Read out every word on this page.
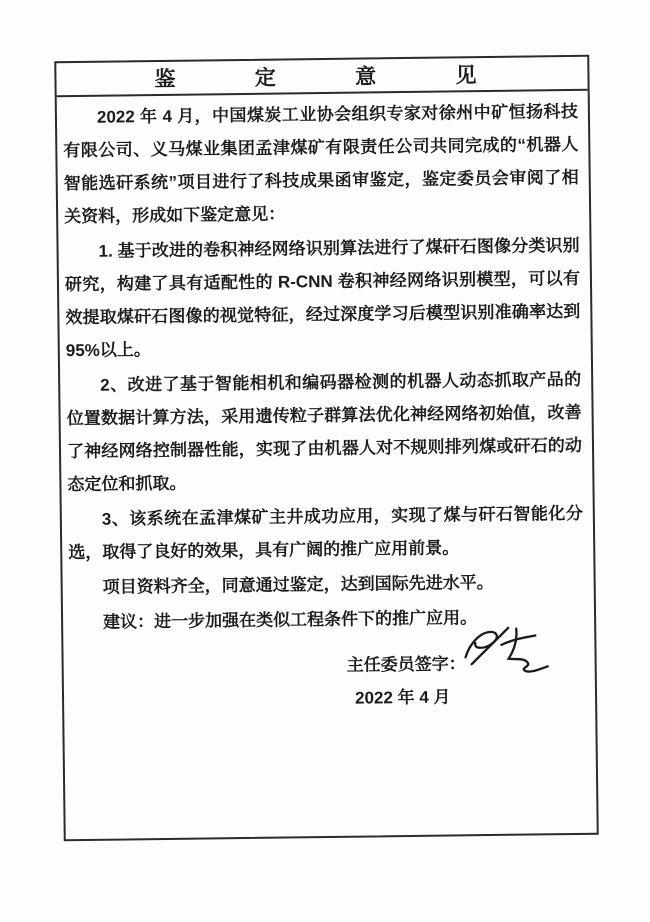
鉴	定	意	见

2022 年 4 月，中国煤炭工业协会组织专家对徐州中矿恒扬科技有限公司、义马煤业集团孟津煤矿有限责任公司共同完成的“机器人智能选矸系统”项目进行了科技成果函审鉴定，鉴定委员会审阅了相关资料，形成如下鉴定意见：

1. 基于改进的卷积神经网络识别算法进行了煤矸石图像分类识别研究，构建了具有适配性的 R-CNN 卷积神经网络识别模型，可以有效提取煤矸石图像的视觉特征，经过深度学习后模型识别准确率达到 95%以上。

2、改进了基于智能相机和编码器检测的机器人动态抓取产品的位置数据计算方法，采用遗传粒子群算法优化神经网络初始值，改善了神经网络控制器性能，实现了由机器人对不规则排列煤或矸石的动态定位和抓取。

3、该系统在孟津煤矿主井成功应用，实现了煤与矸石智能化分选，取得了良好的效果，具有广阔的推广应用前景。

项目资料齐全，同意通过鉴定，达到国际先进水平。

建议：进一步加强在类似工程条件下的推广应用。

主任委员签字：
2022 年 4 月
